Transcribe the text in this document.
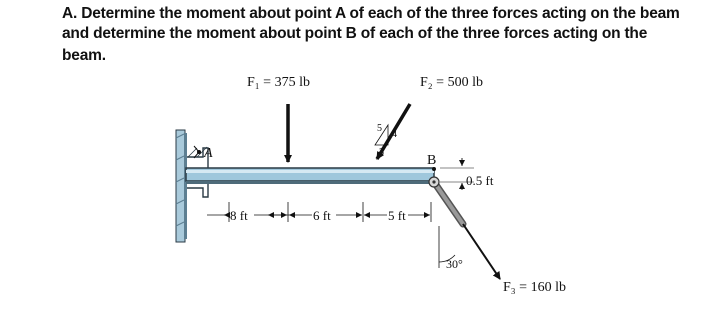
A. Determine the moment about point A of each of the three forces acting on the beam
and determine the moment about point B of each of the three forces acting on the
beam.
A
F₁ = 375 lb	F₂ = 500 lb
5
4
3
B
0.5 ft
F₃ = 160 lb
30°
8 ft	6 ft	5 ft
